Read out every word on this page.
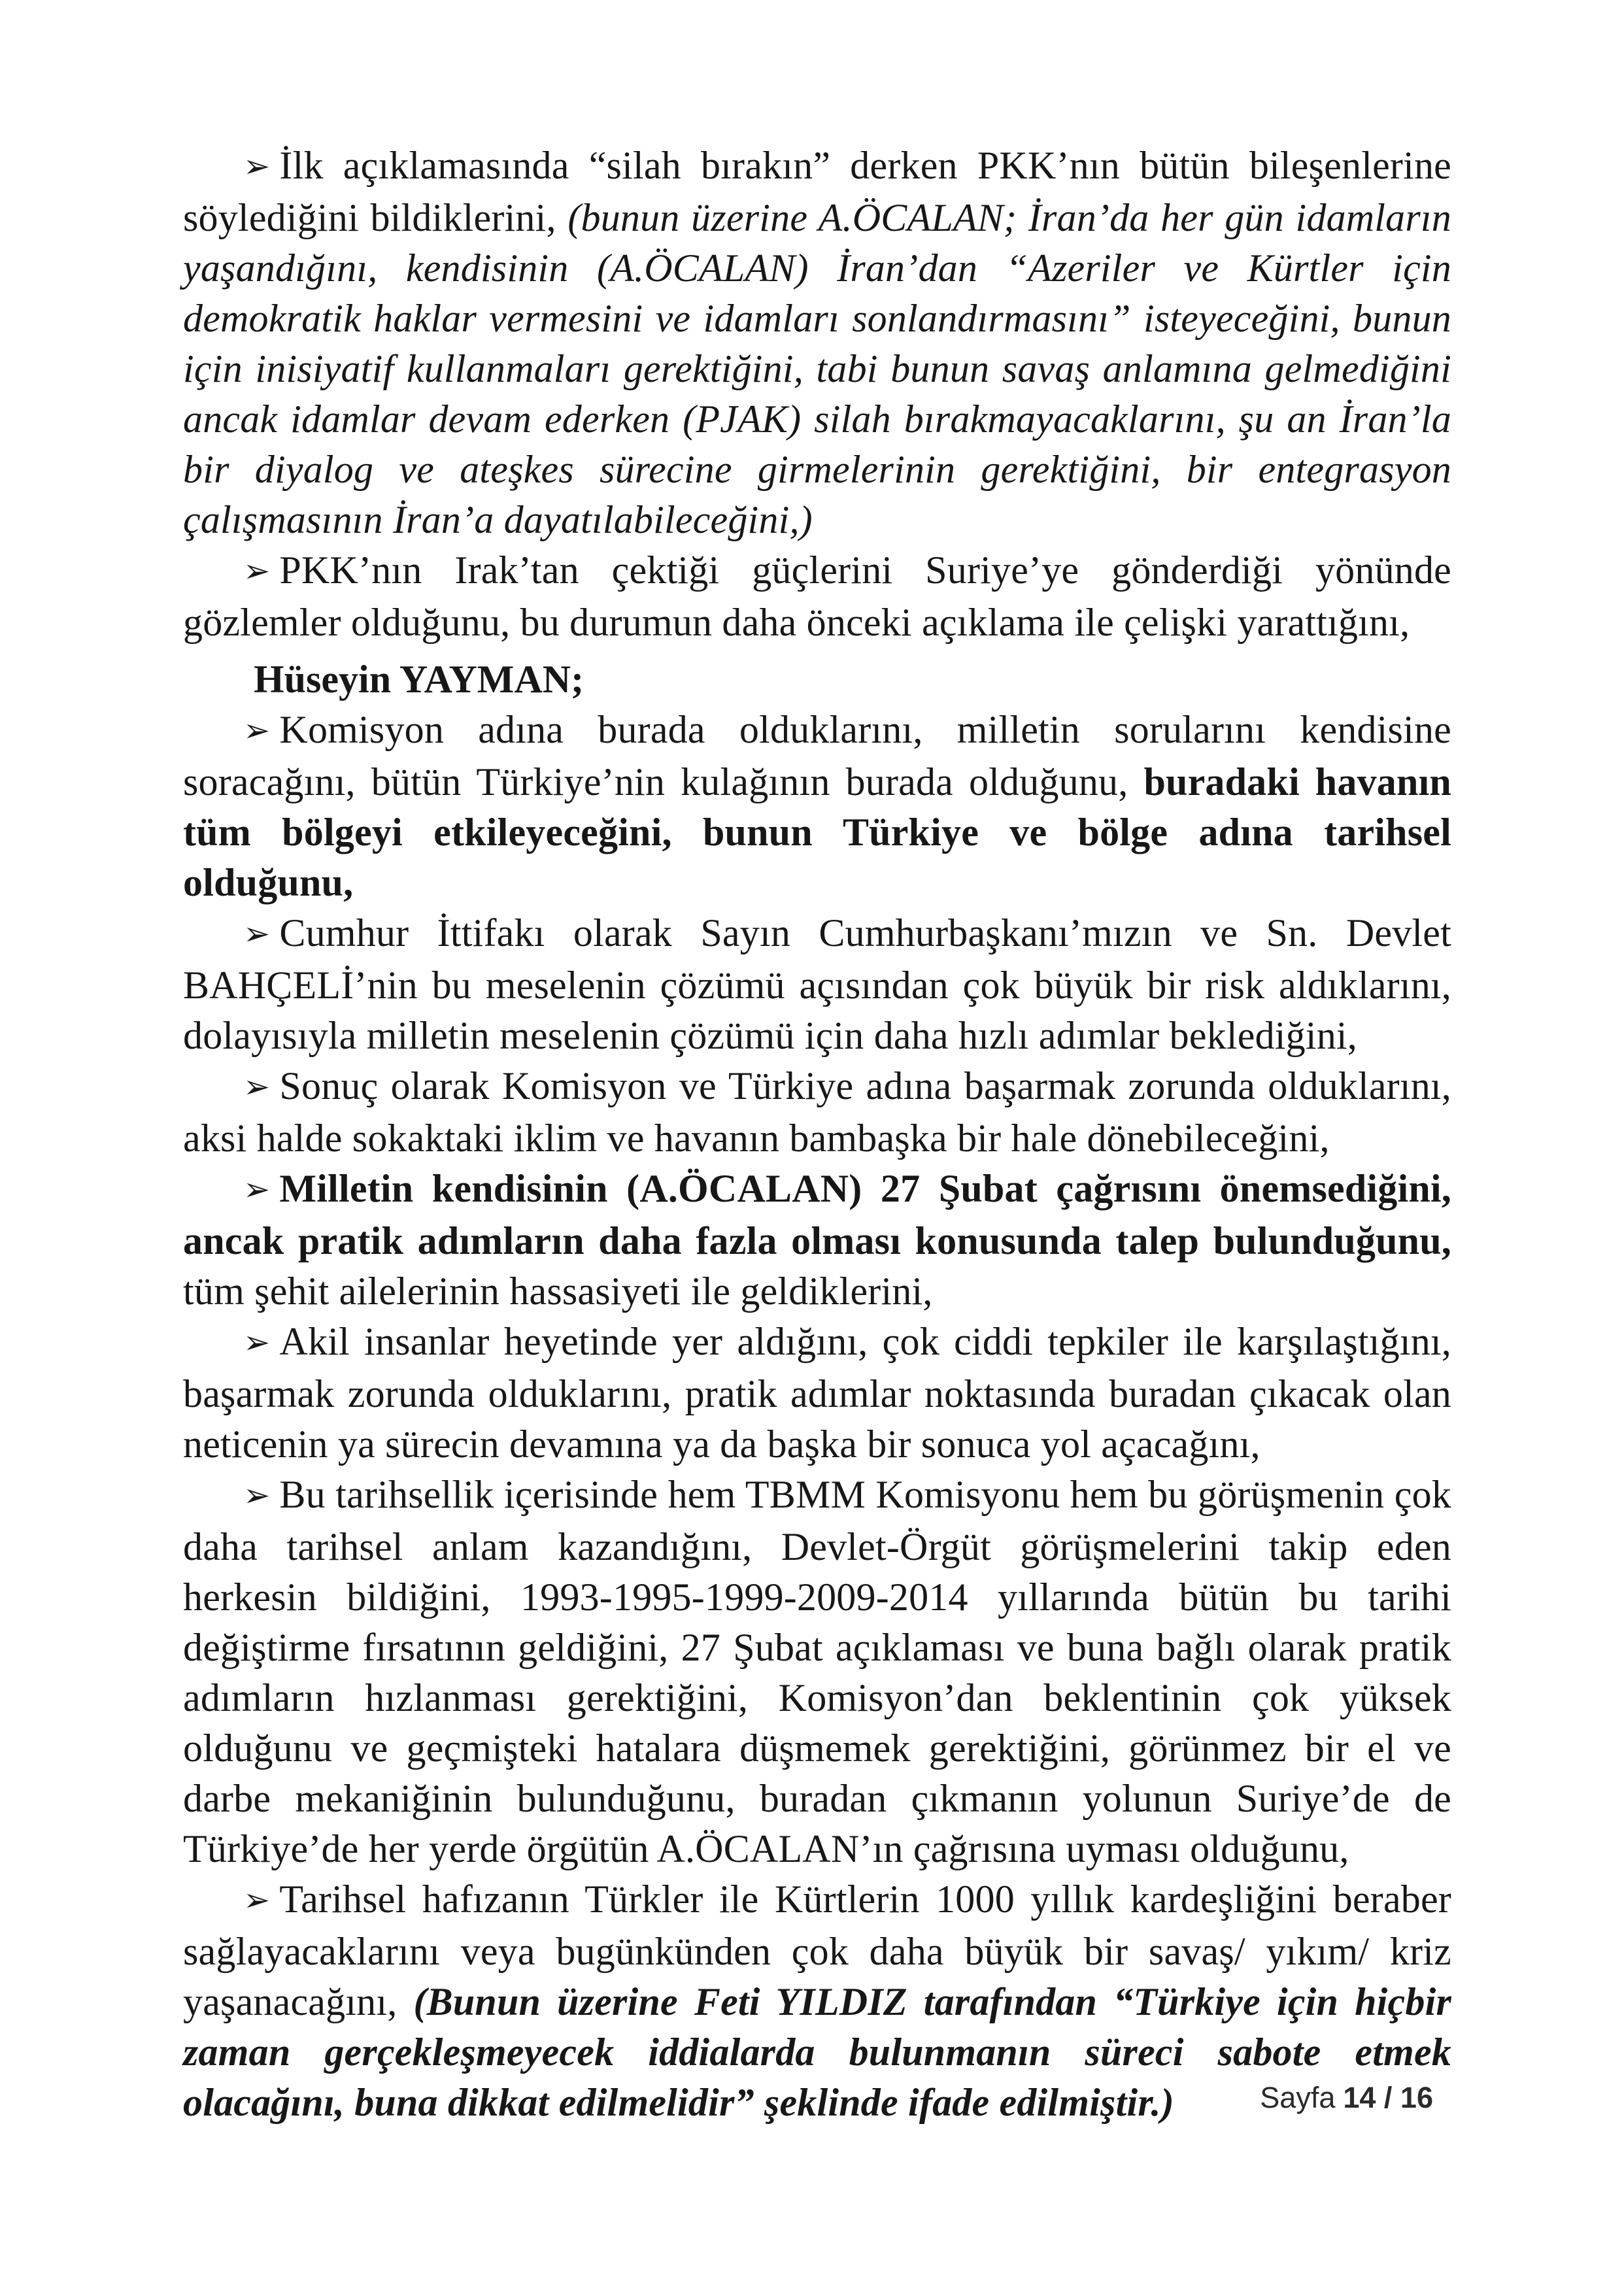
➢ İlk açıklamasında “silah bırakın” derken PKK’nın bütün bileşenlerine söylediğini bildiklerini, (bunun üzerine A.ÖCALAN; İran’da her gün idamların yaşandığını, kendisinin (A.ÖCALAN) İran’dan “Azeriler ve Kürtler için demokratik haklar vermesini ve idamları sonlandırmasını” isteyeceğini, bunun için inisiyatif kullanmaları gerektiğini, tabi bunun savaş anlamına gelmediğini ancak idamlar devam ederken (PJAK) silah bırakmayacaklarını, şu an İran’la bir diyalog ve ateşkes sürecine girmelerinin gerektiğini, bir entegrasyon çalışmasının İran’a dayatılabileceğini,)

➢ PKK’nın Irak’tan çektiği güçlerini Suriye’ye gönderdiği yönünde gözlemler olduğunu, bu durumun daha önceki açıklama ile çelişki yarattığını,

Hüseyin YAYMAN;

➢ Komisyon adına burada olduklarını, milletin sorularını kendisine soracağını, bütün Türkiye’nin kulağının burada olduğunu, buradaki havanın tüm bölgeyi etkileyeceğini, bunun Türkiye ve bölge adına tarihsel olduğunu,

➢ Cumhur İttifakı olarak Sayın Cumhurbaşkanı’mızın ve Sn. Devlet BAHÇELİ’nin bu meselenin çözümü açısından çok büyük bir risk aldıklarını, dolayısıyla milletin meselenin çözümü için daha hızlı adımlar beklediğini,

➢ Sonuç olarak Komisyon ve Türkiye adına başarmak zorunda olduklarını, aksi halde sokaktaki iklim ve havanın bambaşka bir hale dönebileceğini,

➢ Milletin kendisinin (A.ÖCALAN) 27 Şubat çağrısını önemsediğini, ancak pratik adımların daha fazla olması konusunda talep bulunduğunu, tüm şehit ailelerinin hassasiyeti ile geldiklerini,

➢ Akil insanlar heyetinde yer aldığını, çok ciddi tepkiler ile karşılaştığını, başarmak zorunda olduklarını, pratik adımlar noktasında buradan çıkacak olan neticenin ya sürecin devamına ya da başka bir sonuca yol açacağını,

➢ Bu tarihsellik içerisinde hem TBMM Komisyonu hem bu görüşmenin çok daha tarihsel anlam kazandığını, Devlet-Örgüt görüşmelerini takip eden herkesin bildiğini, 1993-1995-1999-2009-2014 yıllarında bütün bu tarihi değiştirme fırsatının geldiğini, 27 Şubat açıklaması ve buna bağlı olarak pratik adımların hızlanması gerektiğini, Komisyon’dan beklentinin çok yüksek olduğunu ve geçmişteki hatalara düşmemek gerektiğini, görünmez bir el ve darbe mekaniğinin bulunduğunu, buradan çıkmanın yolunun Suriye’de de Türkiye’de her yerde örgütün A.ÖCALAN’ın çağrısına uyması olduğunu,

➢ Tarihsel hafızanın Türkler ile Kürtlerin 1000 yıllık kardeşliğini beraber sağlayacaklarını veya bugünkünden çok daha büyük bir savaş/ yıkım/ kriz yaşanacağını, (Bunun üzerine Feti YILDIZ tarafından “Türkiye için hiçbir zaman gerçekleşmeyecek iddialarda bulunmanın süreci sabote etmek olacağını, buna dikkat edilmelidir” şeklinde ifade edilmiştir.)	Sayfa 14 / 16
